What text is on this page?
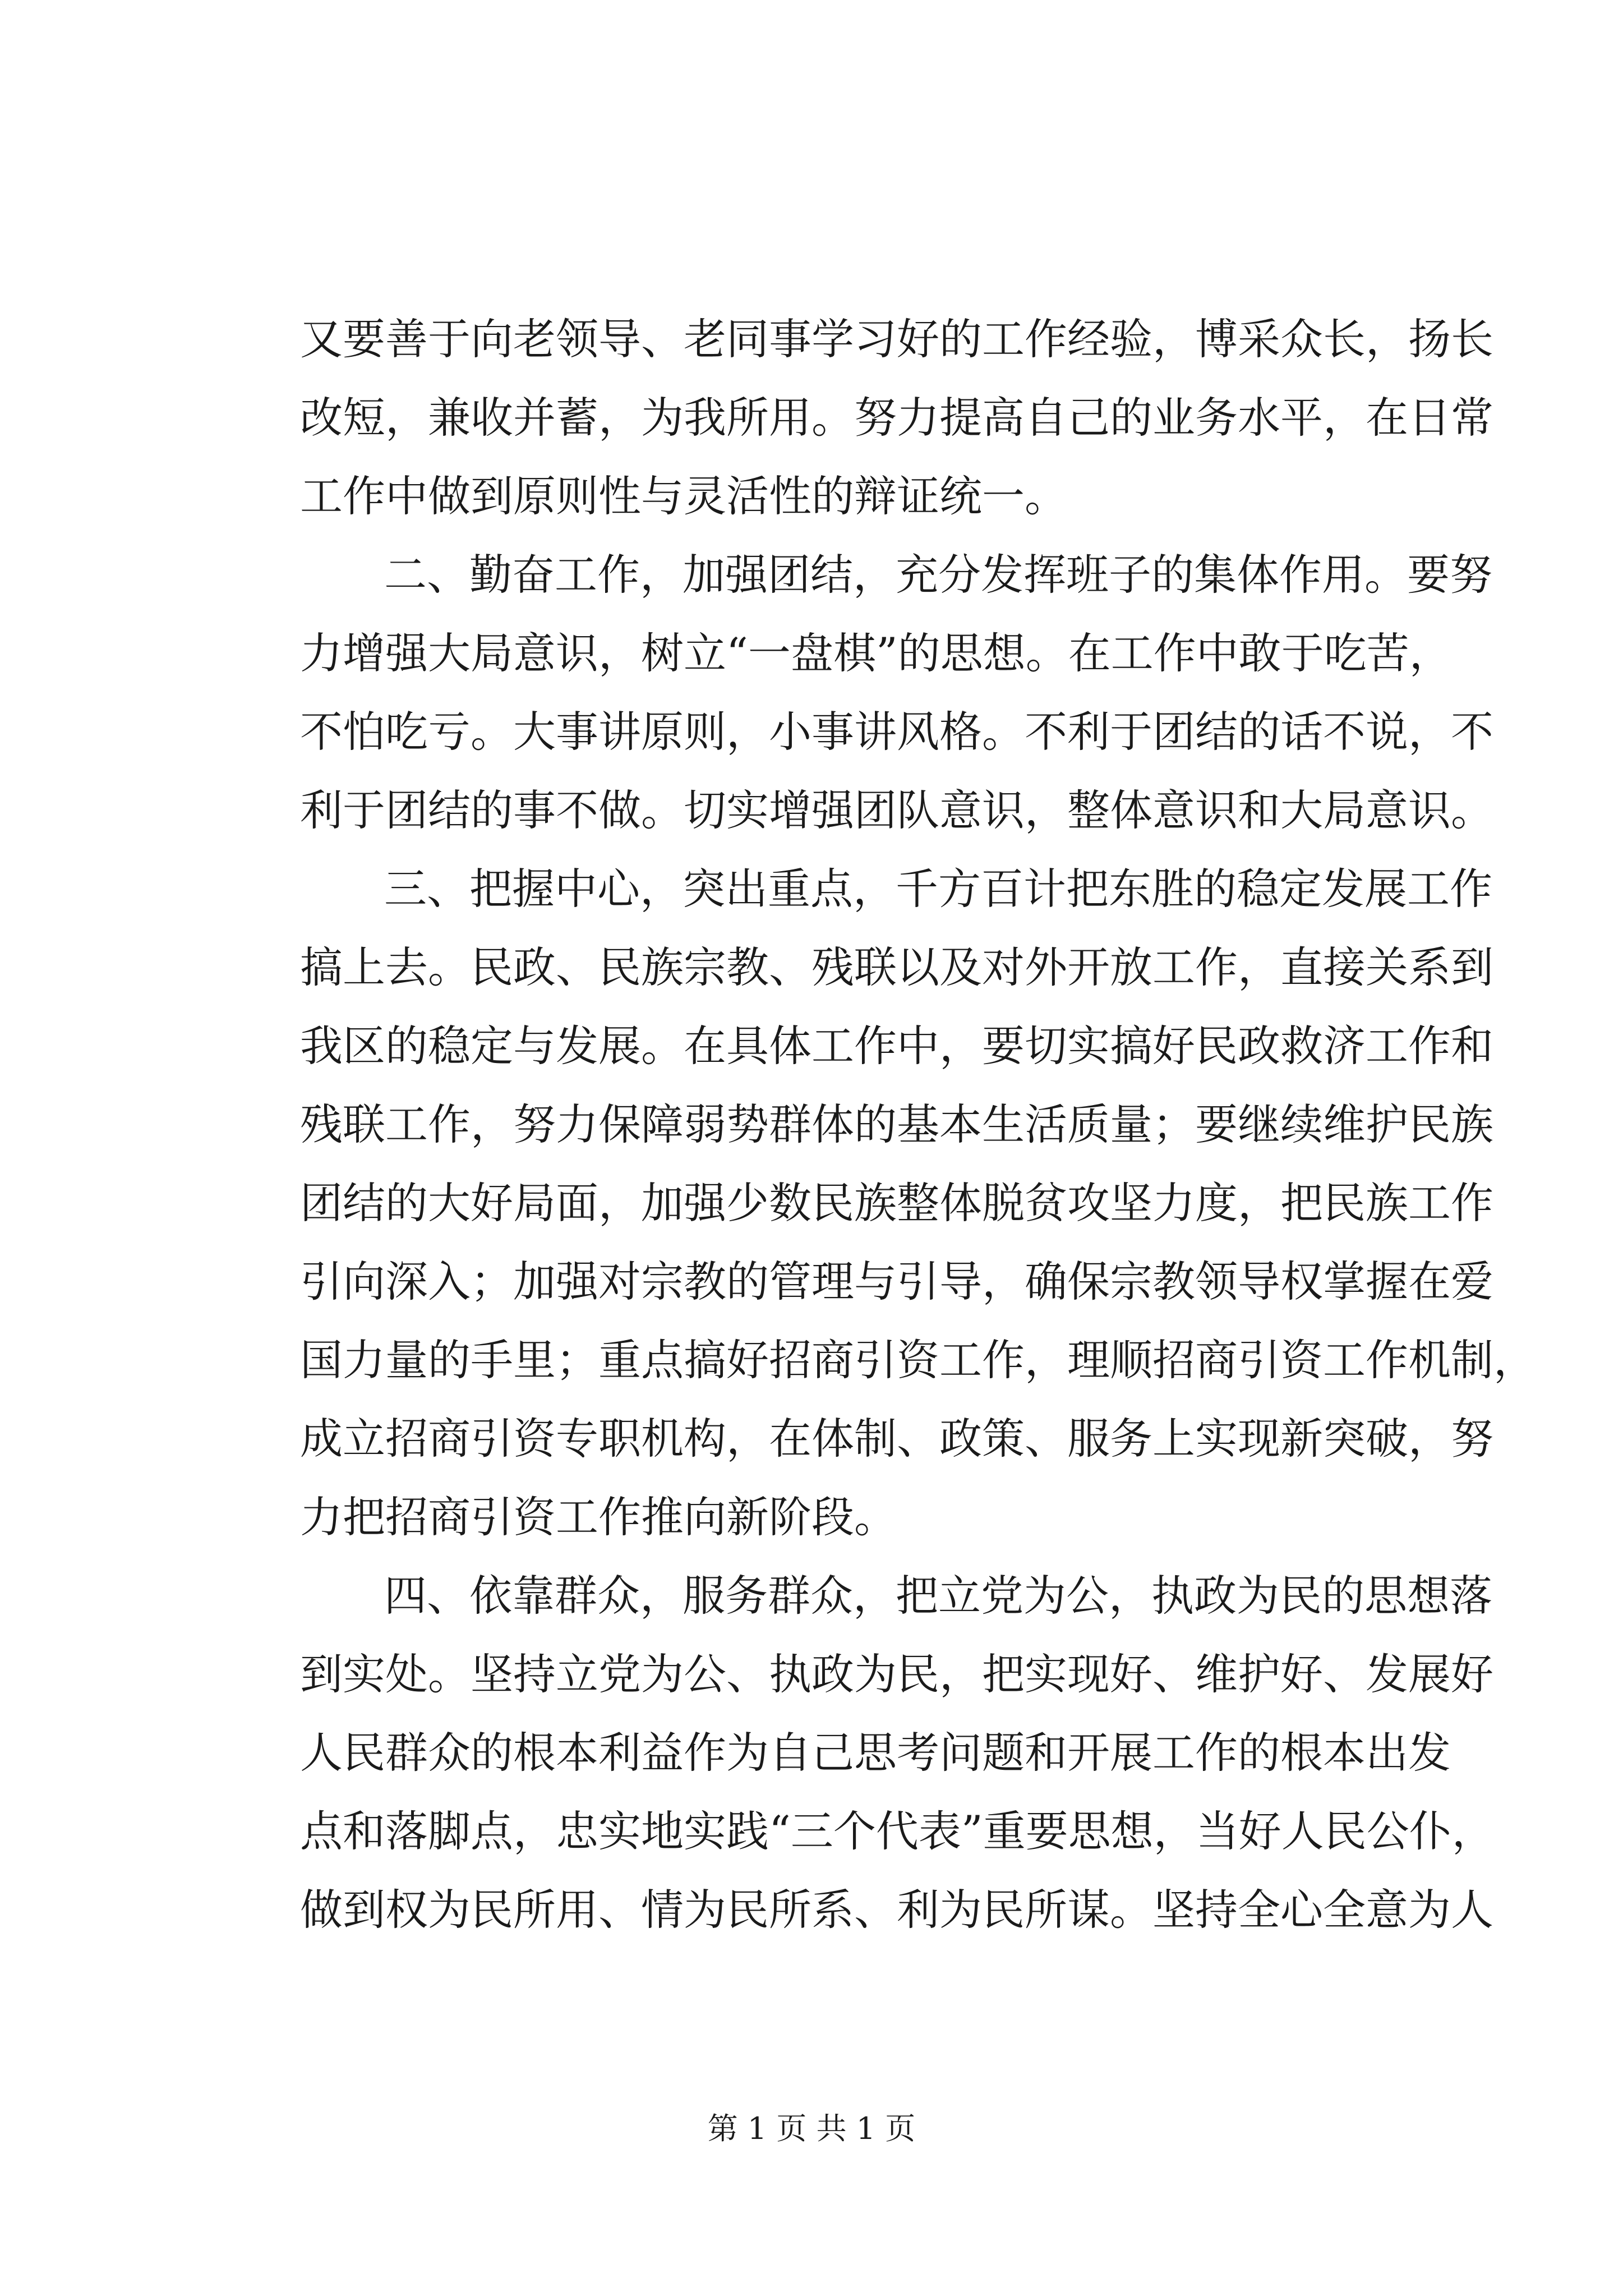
又要善于向老领导、老同事学习好的工作经验，博采众长，扬长
改短，兼收并蓄，为我所用。努力提高自己的业务水平，在日常
工作中做到原则性与灵活性的辩证统一。
二、勤奋工作，加强团结，充分发挥班子的集体作用。要努
力增强大局意识，树立“一盘棋”的思想。在工作中敢于吃苦，
不怕吃亏。大事讲原则，小事讲风格。不利于团结的话不说，不
利于团结的事不做。切实增强团队意识，整体意识和大局意识。
三、把握中心，突出重点，千方百计把东胜的稳定发展工作
搞上去。民政、民族宗教、残联以及对外开放工作，直接关系到
我区的稳定与发展。在具体工作中，要切实搞好民政救济工作和
残联工作，努力保障弱势群体的基本生活质量；要继续维护民族
团结的大好局面，加强少数民族整体脱贫攻坚力度，把民族工作
引向深入；加强对宗教的管理与引导，确保宗教领导权掌握在爱
国力量的手里；重点搞好招商引资工作，理顺招商引资工作机制，
成立招商引资专职机构，在体制、政策、服务上实现新突破，努
力把招商引资工作推向新阶段。
四、依靠群众，服务群众，把立党为公，执政为民的思想落
到实处。坚持立党为公、执政为民，把实现好、维护好、发展好
人民群众的根本利益作为自己思考问题和开展工作的根本出发
点和落脚点，忠实地实践“三个代表”重要思想，当好人民公仆，
做到权为民所用、情为民所系、利为民所谋。坚持全心全意为人
第 1 页 共 1 页
